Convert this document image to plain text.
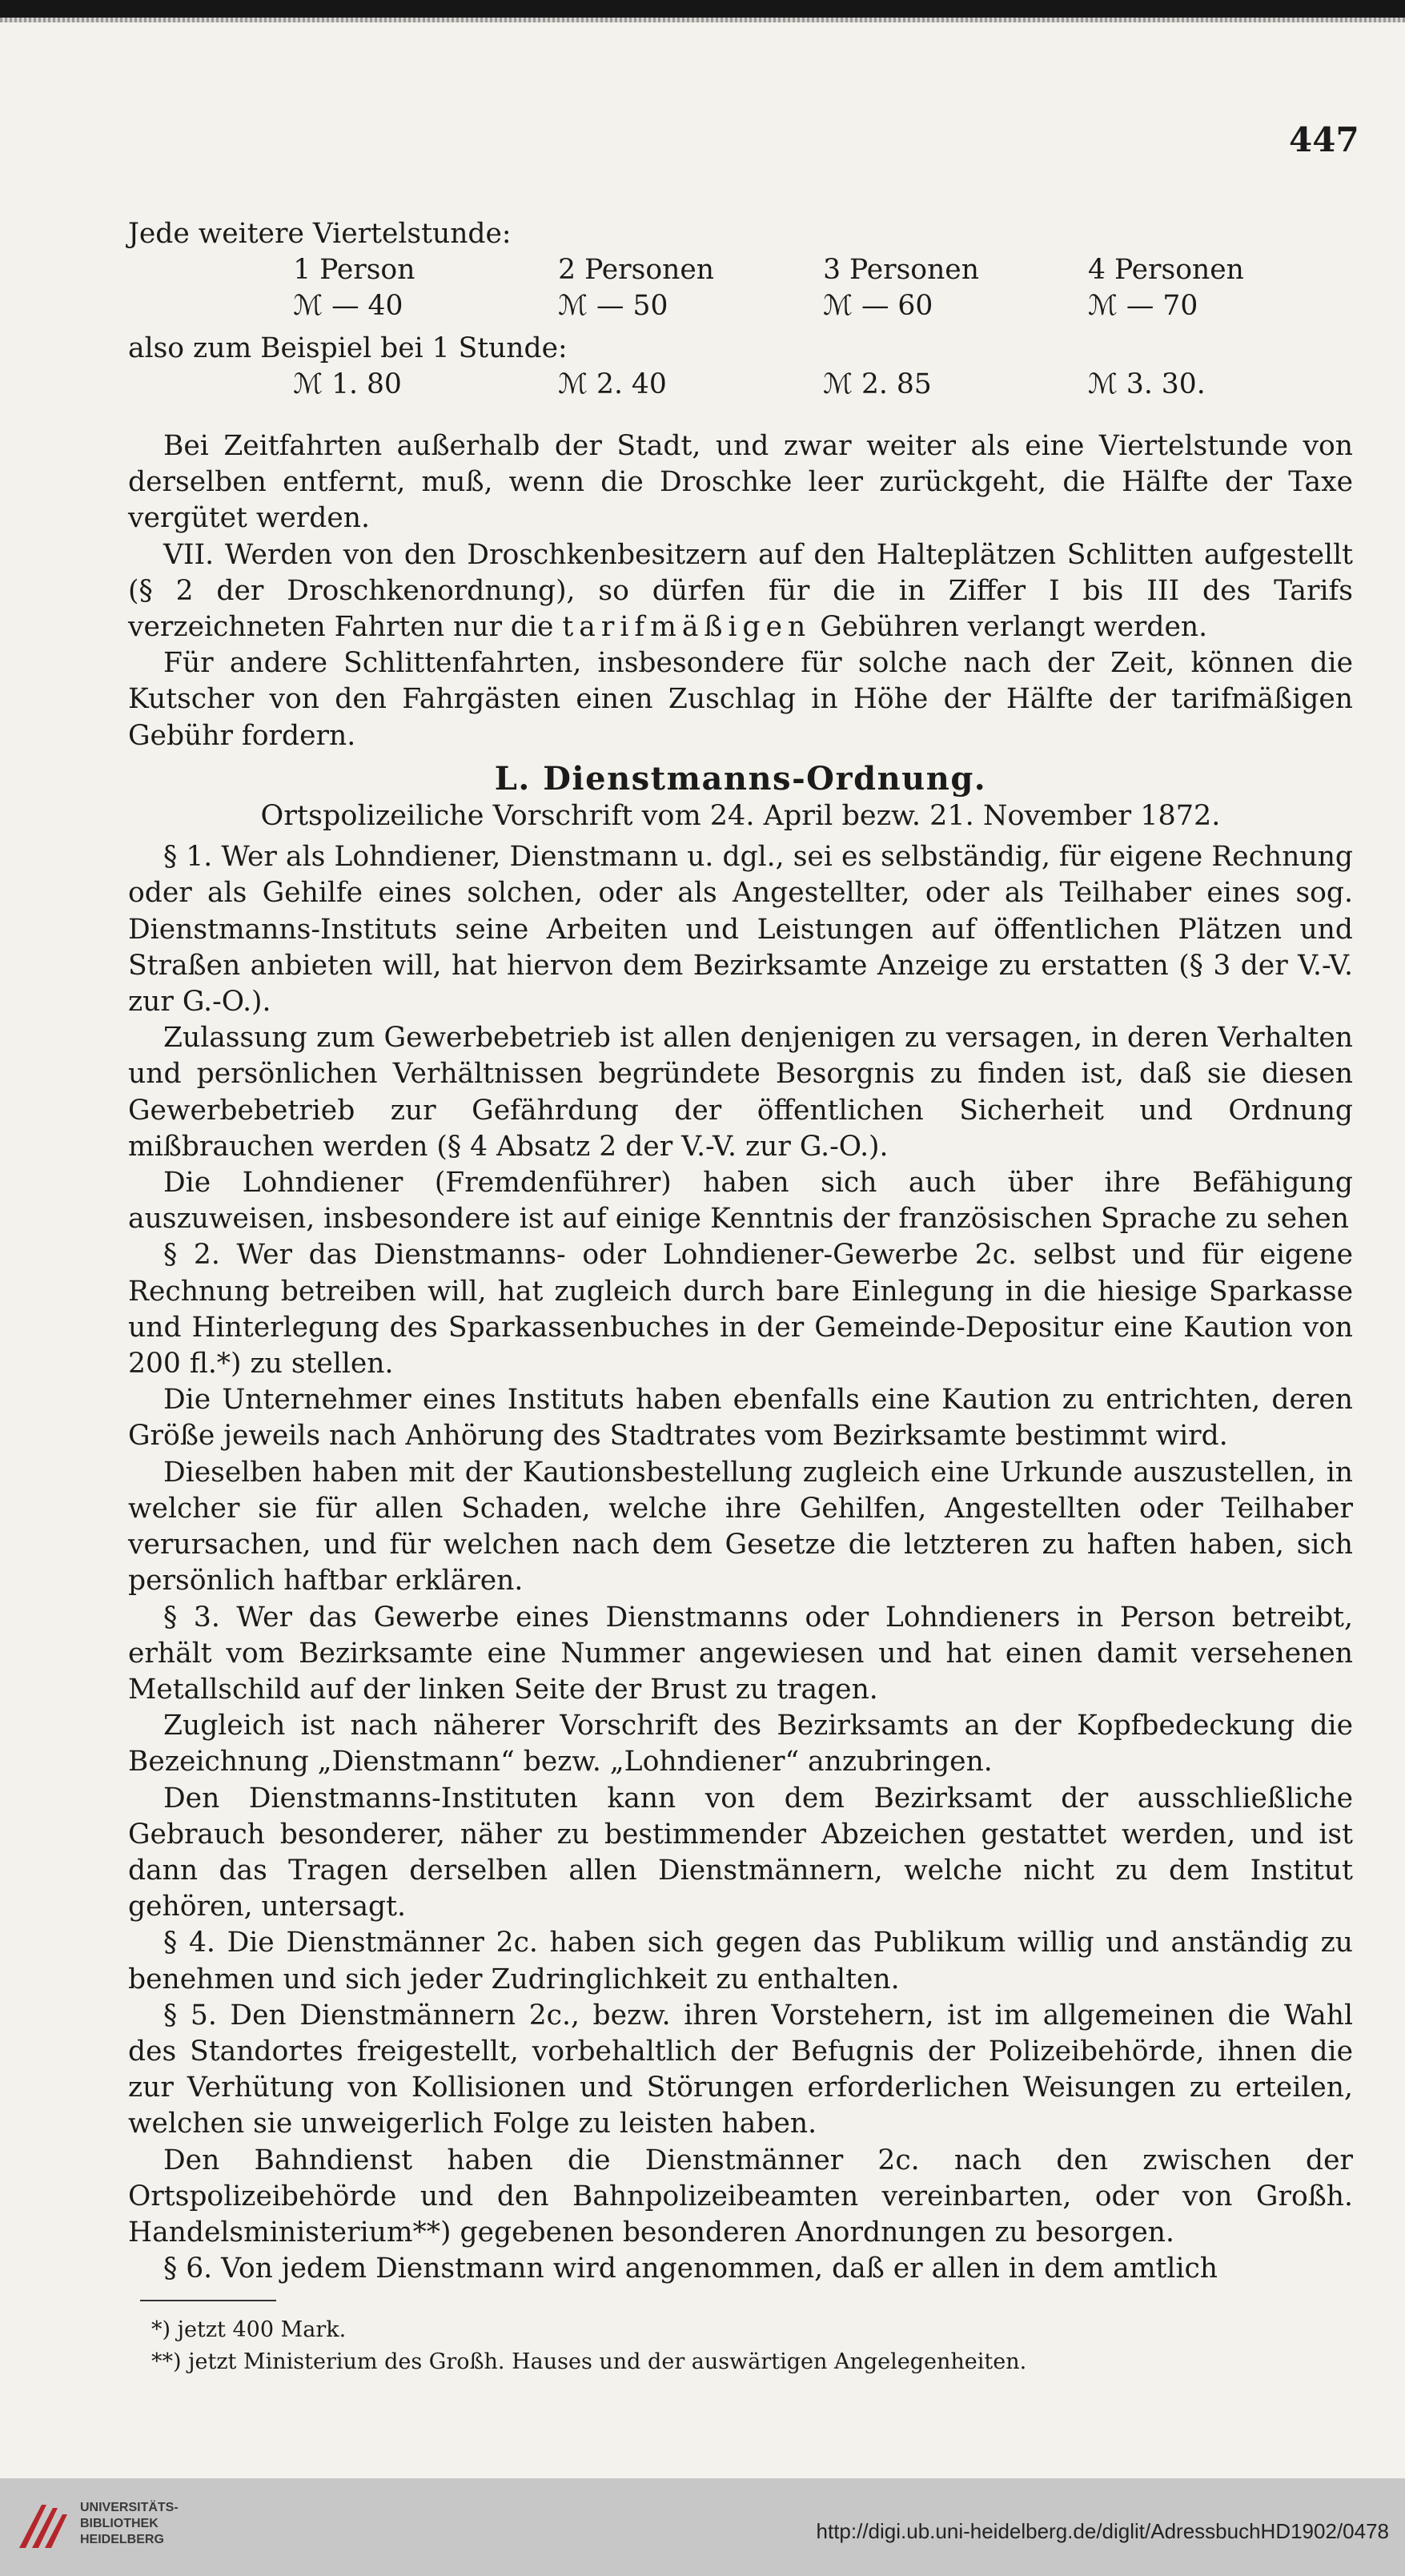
447
Jede weitere Viertelstunde:
1 Person	2 Personen	3 Personen	4 Personen
ℳ — 40	ℳ — 50	ℳ — 60	ℳ — 70
also zum Beispiel bei 1 Stunde:
ℳ 1. 80	ℳ 2. 40	ℳ 2. 85	ℳ 3. 30.

Bei Zeitfahrten außerhalb der Stadt, und zwar weiter als eine Viertelstunde von derselben entfernt, muß, wenn die Droschke leer zurückgeht, die Hälfte der Taxe vergütet werden.

VII. Werden von den Droschkenbesitzern auf den Halteplätzen Schlitten aufgestellt (§ 2 der Droschkenordnung), so dürfen für die in Ziffer I bis III des Tarifs verzeichneten Fahrten nur die tarifmäßigen Gebühren verlangt werden.

Für andere Schlittenfahrten, insbesondere für solche nach der Zeit, können die Kutscher von den Fahrgästen einen Zuschlag in Höhe der Hälfte der tarifmäßigen Gebühr fordern.

L. Dienstmanns-Ordnung.
Ortspolizeiliche Vorschrift vom 24. April bezw. 21. November 1872.

§ 1. Wer als Lohndiener, Dienstmann u. dgl., sei es selbständig, für eigene Rechnung oder als Gehilfe eines solchen, oder als Angestellter, oder als Teilhaber eines sog. Dienstmanns-Instituts seine Arbeiten und Leistungen auf öffentlichen Plätzen und Straßen anbieten will, hat hiervon dem Bezirksamte Anzeige zu erstatten (§ 3 der V.-V. zur G.-O.).

Zulassung zum Gewerbebetrieb ist allen denjenigen zu versagen, in deren Verhalten und persönlichen Verhältnissen begründete Besorgnis zu finden ist, daß sie diesen Gewerbebetrieb zur Gefährdung der öffentlichen Sicherheit und Ordnung mißbrauchen werden (§ 4 Absatz 2 der V.-V. zur G.-O.).

Die Lohndiener (Fremdenführer) haben sich auch über ihre Befähigung auszuweisen, insbesondere ist auf einige Kenntnis der französischen Sprache zu sehen

§ 2. Wer das Dienstmanns- oder Lohndiener-Gewerbe 2c. selbst und für eigene Rechnung betreiben will, hat zugleich durch bare Einlegung in die hiesige Sparkasse und Hinterlegung des Sparkassenbuches in der Gemeinde-Depositur eine Kaution von 200 fl.*) zu stellen.

Die Unternehmer eines Instituts haben ebenfalls eine Kaution zu entrichten, deren Größe jeweils nach Anhörung des Stadtrates vom Bezirksamte bestimmt wird.

Dieselben haben mit der Kautionsbestellung zugleich eine Urkunde auszustellen, in welcher sie für allen Schaden, welche ihre Gehilfen, Angestellten oder Teilhaber verursachen, und für welchen nach dem Gesetze die letzteren zu haften haben, sich persönlich haftbar erklären.

§ 3. Wer das Gewerbe eines Dienstmanns oder Lohndieners in Person betreibt, erhält vom Bezirksamte eine Nummer angewiesen und hat einen damit versehenen Metallschild auf der linken Seite der Brust zu tragen.

Zugleich ist nach näherer Vorschrift des Bezirksamts an der Kopfbedeckung die Bezeichnung „Dienstmann“ bezw. „Lohndiener“ anzubringen.

Den Dienstmanns-Instituten kann von dem Bezirksamt der ausschließliche Gebrauch besonderer, näher zu bestimmender Abzeichen gestattet werden, und ist dann das Tragen derselben allen Dienstmännern, welche nicht zu dem Institut gehören, untersagt.

§ 4. Die Dienstmänner 2c. haben sich gegen das Publikum willig und anständig zu benehmen und sich jeder Zudringlichkeit zu enthalten.

§ 5. Den Dienstmännern 2c., bezw. ihren Vorstehern, ist im allgemeinen die Wahl des Standortes freigestellt, vorbehaltlich der Befugnis der Polizeibehörde, ihnen die zur Verhütung von Kollisionen und Störungen erforderlichen Weisungen zu erteilen, welchen sie unweigerlich Folge zu leisten haben.

Den Bahndienst haben die Dienstmänner 2c. nach den zwischen der Ortspolizeibehörde und den Bahnpolizeibeamten vereinbarten, oder von Großh. Handelsministerium**) gegebenen besonderen Anordnungen zu besorgen.

§ 6. Von jedem Dienstmann wird angenommen, daß er allen in dem amtlich

*) jetzt 400 Mark.
**) jetzt Ministerium des Großh. Hauses und der auswärtigen Angelegenheiten.
UNIVERSITÄTS-
BIBLIOTHEK
HEIDELBERG	http://digi.ub.uni-heidelberg.de/diglit/AdressbuchHD1902/0478
